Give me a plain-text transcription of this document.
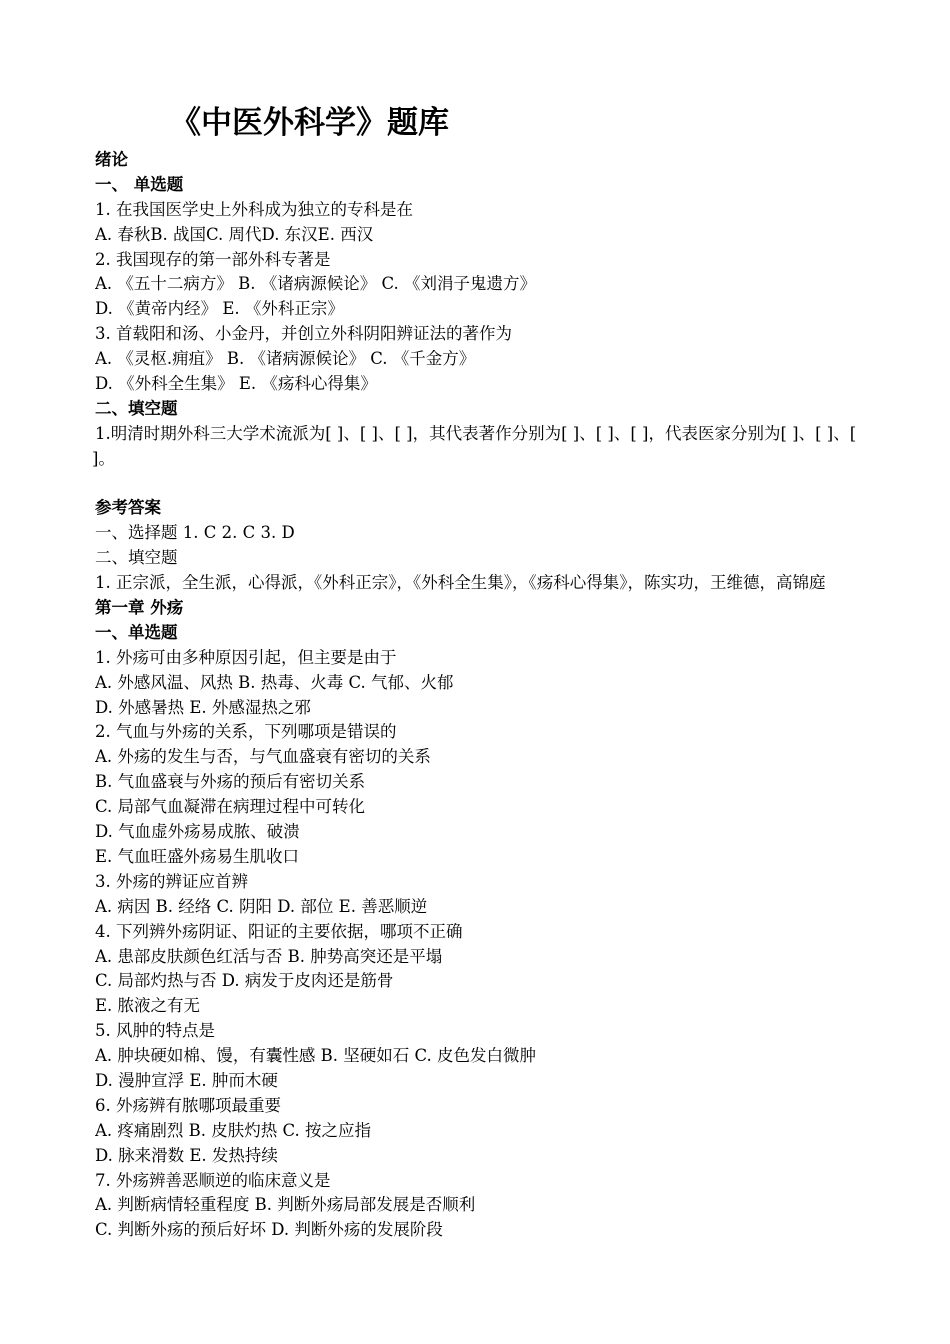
《中医外科学》题库
绪论
一、 单选题
1. 在我国医学史上外科成为独立的专科是在
A. 春秋B. 战国C. 周代D. 东汉E. 西汉
2. 我国现存的第一部外科专著是
A. 《五十二病方》 B. 《诸病源候论》 C. 《刘涓子鬼遗方》
D. 《黄帝内经》 E. 《外科正宗》
3. 首载阳和汤、小金丹，并创立外科阴阳辨证法的著作为
A. 《灵枢.痈疽》 B. 《诸病源候论》 C. 《千金方》
D. 《外科全生集》 E. 《疡科心得集》
二、填空题
1.明清时期外科三大学术流派为[ ]、[ ]、[ ]，其代表著作分别为[ ]、[ ]、[ ]，代表医家分别为[ ]、[ ]、[
]。
参考答案
一、选择题 1. C 2. C 3. D
二、填空题
1. 正宗派，全生派，心得派，《外科正宗》，《外科全生集》，《疡科心得集》，陈实功，王维德，高锦庭
第一章 外疡
一、单选题
1. 外疡可由多种原因引起，但主要是由于
A. 外感风温、风热 B. 热毒、火毒 C. 气郁、火郁
D. 外感暑热 E. 外感湿热之邪
2. 气血与外疡的关系，下列哪项是错误的
A. 外疡的发生与否，与气血盛衰有密切的关系
B. 气血盛衰与外疡的预后有密切关系
C. 局部气血凝滞在病理过程中可转化
D. 气血虚外疡易成脓、破溃
E. 气血旺盛外疡易生肌收口
3. 外疡的辨证应首辨
A. 病因 B. 经络 C. 阴阳 D. 部位 E. 善恶顺逆
4. 下列辨外疡阴证、阳证的主要依据，哪项不正确
A. 患部皮肤颜色红活与否 B. 肿势高突还是平塌
C. 局部灼热与否 D. 病发于皮肉还是筋骨
E. 脓液之有无
5. 风肿的特点是
A. 肿块硬如棉、馒，有囊性感 B. 坚硬如石 C. 皮色发白微肿
D. 漫肿宣浮 E. 肿而木硬
6. 外疡辨有脓哪项最重要
A. 疼痛剧烈 B. 皮肤灼热 C. 按之应指
D. 脉来滑数 E. 发热持续
7. 外疡辨善恶顺逆的临床意义是
A. 判断病情轻重程度 B. 判断外疡局部发展是否顺利
C. 判断外疡的预后好坏 D. 判断外疡的发展阶段
